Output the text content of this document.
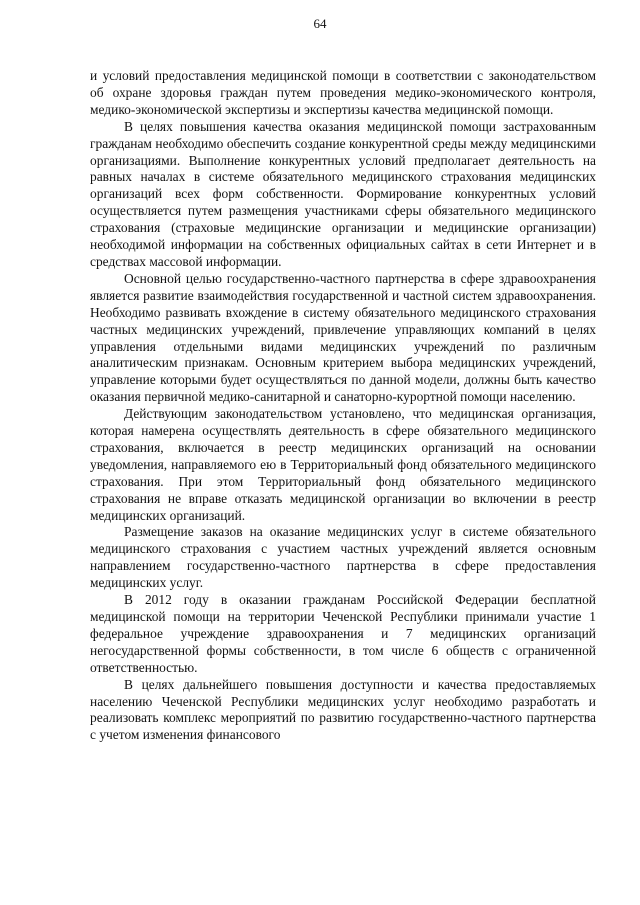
64

и условий предоставления медицинской помощи в соответствии с законодательством об охране здоровья граждан путем проведения медико-экономического контроля, медико-экономической экспертизы и экспертизы качества медицинской помощи.

В целях повышения качества оказания медицинской помощи застрахованным гражданам необходимо обеспечить создание конкурентной среды между медицинскими организациями. Выполнение конкурентных условий предполагает деятельность на равных началах в системе обязательного медицинского страхования медицинских организаций всех форм собственности. Формирование конкурентных условий осуществляется путем размещения участниками сферы обязательного медицинского страхования (страховые медицинские организации и медицинские организации) необходимой информации на собственных официальных сайтах в сети Интернет и в средствах массовой информации.

Основной целью государственно-частного партнерства в сфере здравоохранения является развитие взаимодействия государственной и частной систем здравоохранения. Необходимо развивать вхождение в систему обязательного медицинского страхования частных медицинских учреждений, привлечение управляющих компаний в целях управления отдельными видами медицинских учреждений по различным аналитическим признакам. Основным критерием выбора медицинских учреждений, управление которыми будет осуществляться по данной модели, должны быть качество оказания первичной медико-санитарной и санаторно-курортной помощи населению.

Действующим законодательством установлено, что медицинская организация, которая намерена осуществлять деятельность в сфере обязательного медицинского страхования, включается в реестр медицинских организаций на основании уведомления, направляемого ею в Территориальный фонд обязательного медицинского страхования. При этом Территориальный фонд обязательного медицинского страхования не вправе отказать медицинской организации во включении в реестр медицинских организаций.

Размещение заказов на оказание медицинских услуг в системе обязательного медицинского страхования с участием частных учреждений является основным направлением государственно-частного партнерства в сфере предоставления медицинских услуг.

В 2012 году в оказании гражданам Российской Федерации бесплатной медицинской помощи на территории Чеченской Республики принимали участие 1 федеральное учреждение здравоохранения и 7 медицинских организаций негосударственной формы собственности, в том числе 6 обществ с ограниченной ответственностью.

В целях дальнейшего повышения доступности и качества предоставляемых населению Чеченской Республики медицинских услуг необходимо разработать и реализовать комплекс мероприятий по развитию государственно-частного партнерства с учетом изменения финансового
